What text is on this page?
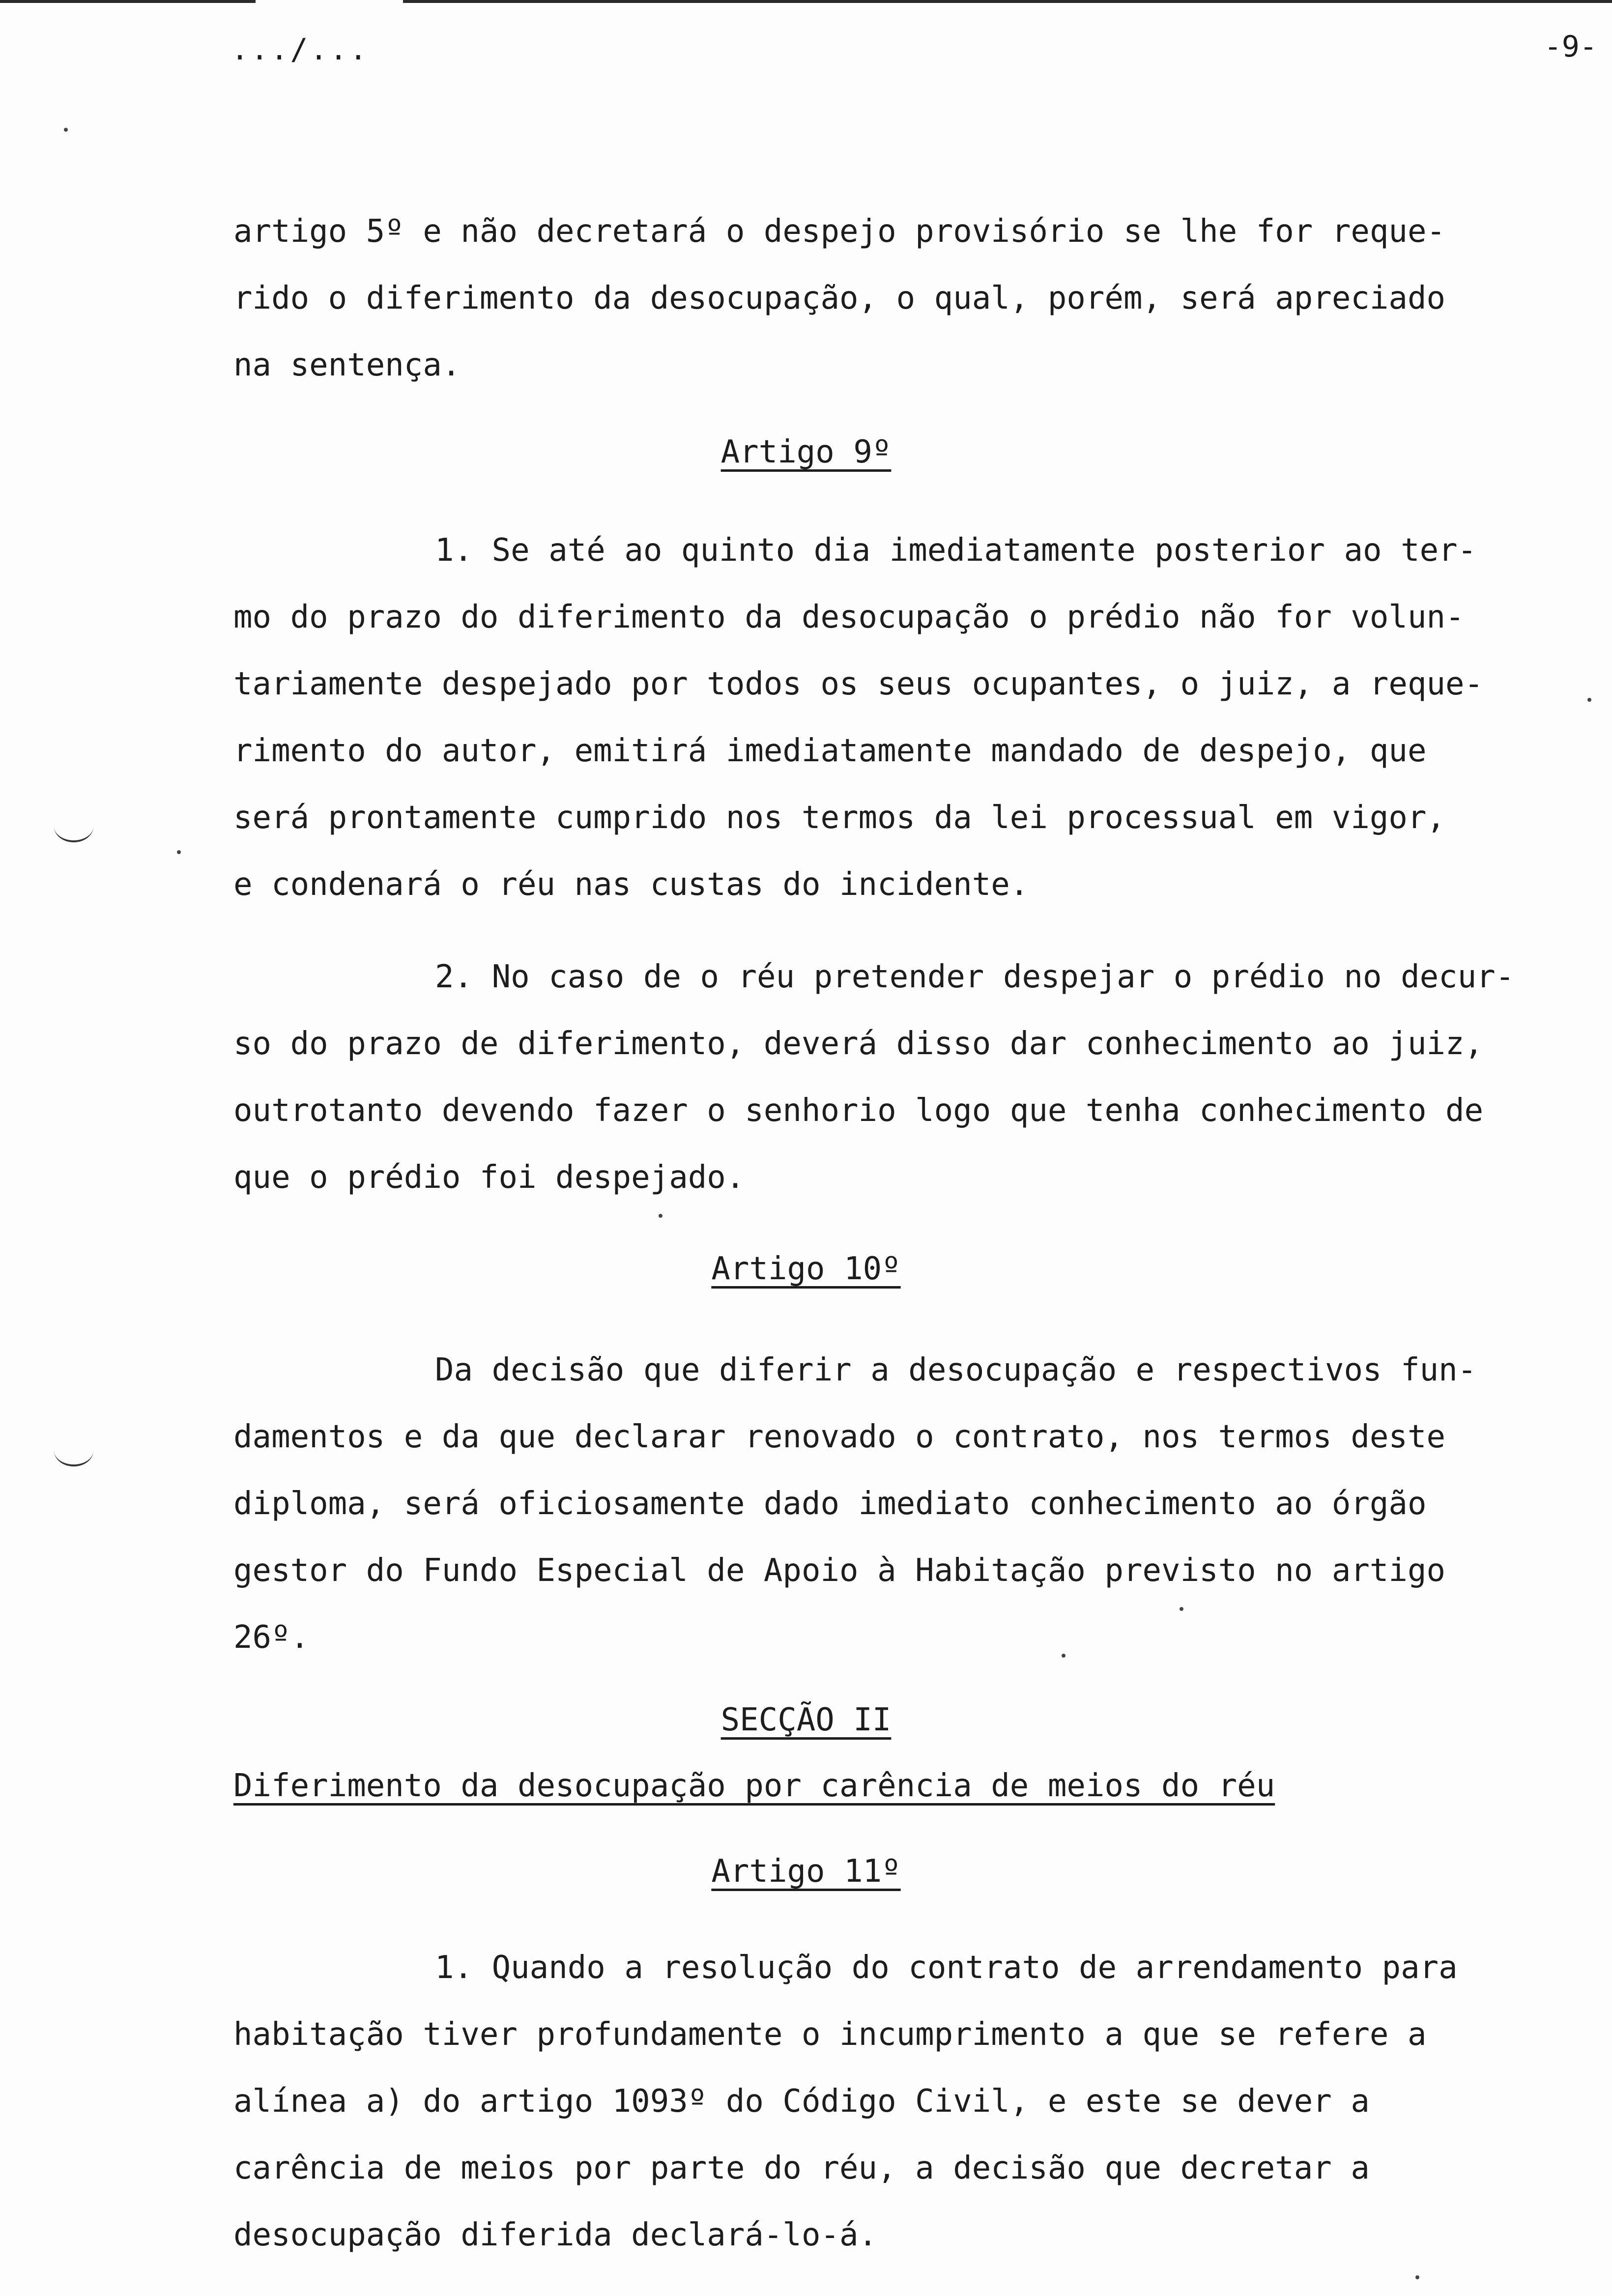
.../...	-9-

artigo 5º e não decretará o despejo provisório se lhe for reque-
rido o diferimento da desocupação, o qual, porém, será apreciado
na sentença.

Artigo 9º

1. Se até ao quinto dia imediatamente posterior ao ter-
mo do prazo do diferimento da desocupação o prédio não for volun-
tariamente despejado por todos os seus ocupantes, o juiz, a reque-
rimento do autor, emitirá imediatamente mandado de despejo, que
será prontamente cumprido nos termos da lei processual em vigor,
e condenará o réu nas custas do incidente.

2. No caso de o réu pretender despejar o prédio no decur-
so do prazo de diferimento, deverá disso dar conhecimento ao juiz,
outrotanto devendo fazer o senhorio logo que tenha conhecimento de
que o prédio foi despejado.

Artigo 10º

Da decisão que diferir a desocupação e respectivos fun-
damentos e da que declarar renovado o contrato, nos termos deste
diploma, será oficiosamente dado imediato conhecimento ao órgão
gestor do Fundo Especial de Apoio à Habitação previsto no artigo
26º.

SECÇÃO II
Diferimento da desocupação por carência de meios do réu
Artigo 11º

1. Quando a resolução do contrato de arrendamento para
habitação tiver profundamente o incumprimento a que se refere a
alínea a) do artigo 1093º do Código Civil, e este se dever a
carência de meios por parte do réu, a decisão que decretar a
desocupação diferida declará-lo-á.
